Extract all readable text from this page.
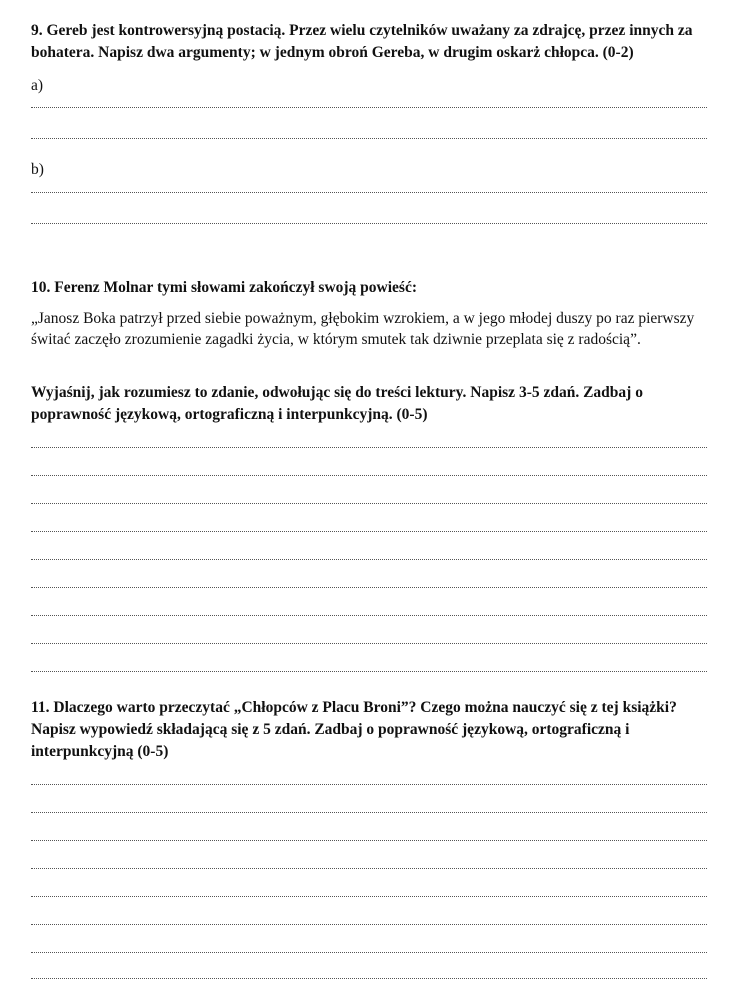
9. Gereb jest kontrowersyjną postacią. Przez wielu czytelników uważany za zdrajcę, przez innych za bohatera. Napisz dwa argumenty; w jednym obroń Gereba, w drugim oskarż chłopca. (0-2)

a)
b)

10. Ferenz Molnar tymi słowami zakończył swoją powieść:

„Janosz Boka patrzył przed siebie poważnym, głębokim wzrokiem, a w jego młodej duszy po raz pierwszy świtać zaczęło zrozumienie zagadki życia, w którym smutek tak dziwnie przeplata się z radością”.

Wyjaśnij, jak rozumiesz to zdanie, odwołując się do treści lektury. Napisz 3-5 zdań. Zadbaj o poprawność językową, ortograficzną i interpunkcyjną. (0-5)

11. Dlaczego warto przeczytać „Chłopców z Placu Broni”? Czego można nauczyć się z tej książki? Napisz wypowiedź składającą się z 5 zdań. Zadbaj o poprawność językową, ortograficzną i interpunkcyjną (0-5)
